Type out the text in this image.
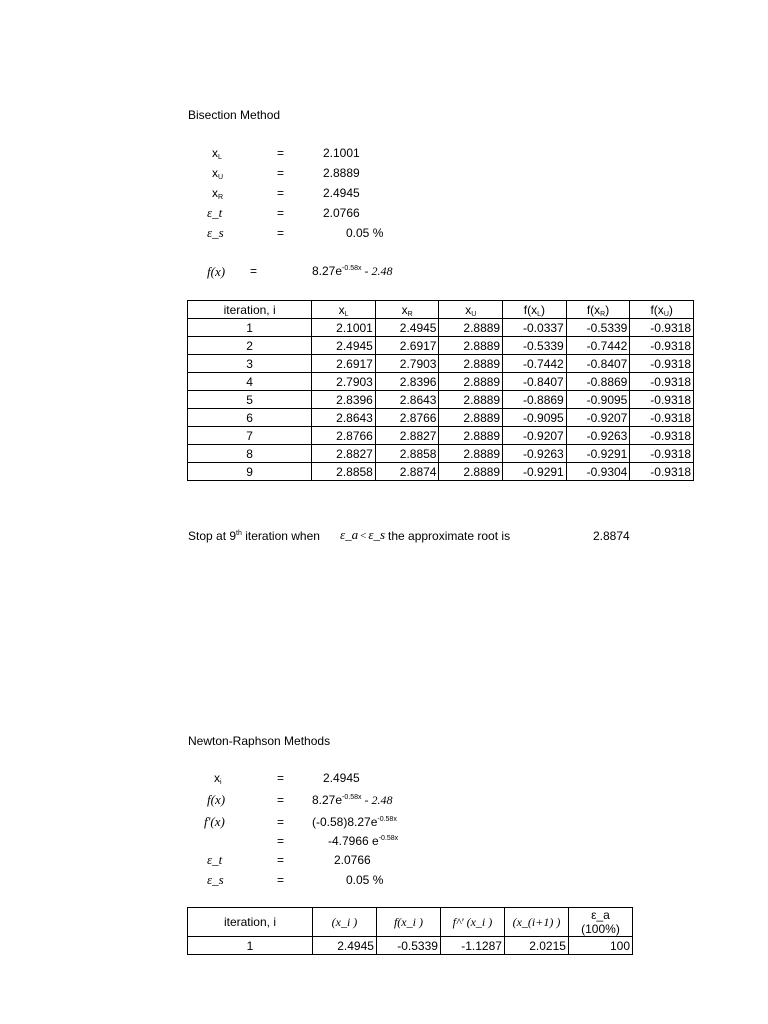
Bisection Method
$x_L$	=	2.1001
$x_U$	=	2.8889
$x_R$	=	2.4945
ε_t	=	2.0766
ε_s	=	0.05 %
f(x) =	$8.27e^{-0.58x} - 2.48$
iteration, i	$x_L$	$x_R$	$x_U$	$f(x_L)$	$f(x_R)$	$f(x_U)$
1	2.1001	2.4945	2.8889	-0.0337	-0.5339	-0.9318
2	2.4945	2.6917	2.8889	-0.5339	-0.7442	-0.9318
3	2.6917	2.7903	2.8889	-0.7442	-0.8407	-0.9318
4	2.7903	2.8396	2.8889	-0.8407	-0.8869	-0.9318
5	2.8396	2.8643	2.8889	-0.8869	-0.9095	-0.9318
6	2.8643	2.8766	2.8889	-0.9095	-0.9207	-0.9318
7	2.8766	2.8827	2.8889	-0.9207	-0.9263	-0.9318
8	2.8827	2.8858	2.8889	-0.9263	-0.9291	-0.9318
9	2.8858	2.8874	2.8889	-0.9291	-0.9304	-0.9318
Stop at 9th iteration when ε_a < ε_s the approximate root is	2.8874
Newton-Raphson Methods
$x_i$	=	2.4945
f(x)	= $8.27e^{-0.58x} - 2.48$
f'(x)	= $(-0.58)8.27e^{-0.58x}$
=	-4.7966 $e^{-0.58x}$
ε_t	=	2.0766
ε_s	=	0.05 %
iteration, i	(x_i )	f(x_i )	f^' (x_i )	(x_(i+1) )	ε_a (100%)
1	2.4945	-0.5339	-1.1287	2.0215	100
